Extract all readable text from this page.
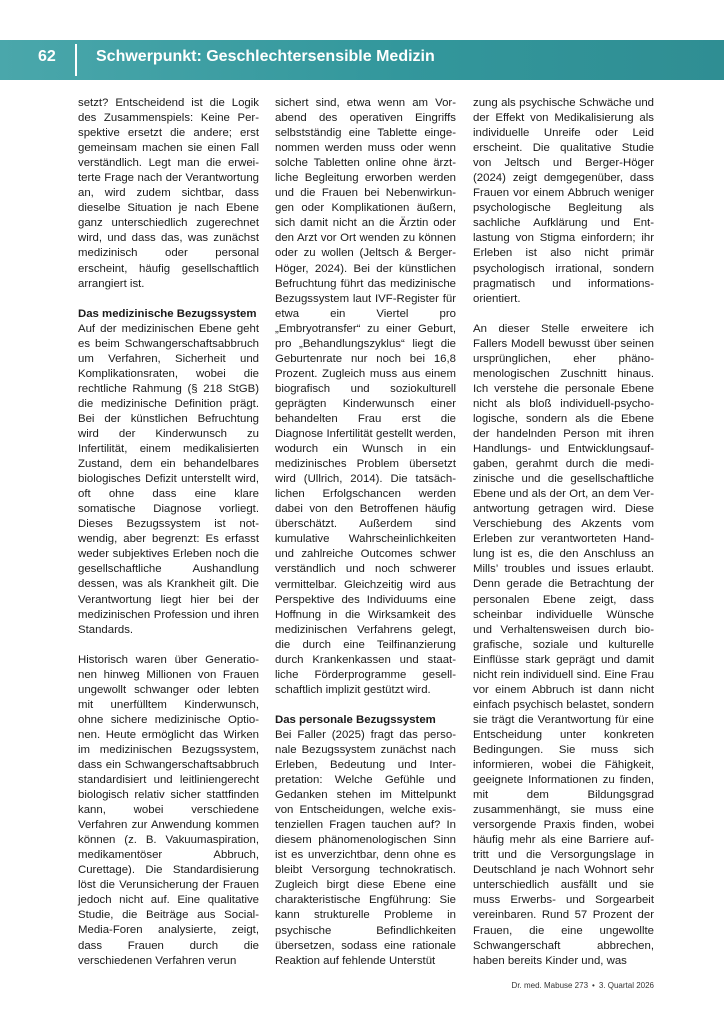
62	Schwerpunkt: Geschlechtersensible Medizin

setzt? Entscheidend ist die Logik des Zusammenspiels: Keine Perspektive ersetzt die andere; erst gemeinsam machen sie einen Fall verständlich. Legt man die erweiterte Frage nach der Verantwortung an, wird zudem sichtbar, dass dieselbe Situation je nach Ebene ganz unterschiedlich zugerechnet wird, und dass das, was zunächst medizinisch oder personal erscheint, häufig gesellschaftlich arrangiert ist.

Das medizinische Bezugssystem

Auf der medizinischen Ebene geht es beim Schwangerschaftsabbruch um Verfahren, Sicherheit und Komplikationsraten, wobei die rechtliche Rahmung (§ 218 StGB) die medizinische Definition prägt. Bei der künstlichen Befruchtung wird der Kinderwunsch zu Infertilität, einem medikalisierten Zustand, dem ein behandelbares biologisches Defizit unterstellt wird, oft ohne dass eine klare somatische Diagnose vorliegt. Dieses Bezugssystem ist notwendig, aber begrenzt: Es erfasst weder subjektives Erleben noch die gesellschaftliche Aushandlung dessen, was als Krankheit gilt. Die Verantwortung liegt hier bei der medizinischen Profession und ihren Standards.

Historisch waren über Generationen hinweg Millionen von Frauen ungewollt schwanger oder lebten mit unerfülltem Kinderwunsch, ohne sichere medizinische Optionen. Heute ermöglicht das Wirken im medizinischen Bezugssystem, dass ein Schwangerschaftsabbruch standardisiert und leitliniengerecht biologisch relativ sicher stattfinden kann, wobei verschiedene Verfahren zur Anwendung kommen können (z. B. Vakuumaspiration, medikamentöser Abbruch, Curettage). Die Standardisierung löst die Verunsicherung der Frauen jedoch nicht auf. Eine qualitative Studie, die Beiträge aus Social-Media-Foren analysierte, zeigt, dass Frauen durch die verschiedenen Verfahren verun

sichert sind, etwa wenn am Vorabend des operativen Eingriffs selbstständig eine Tablette eingenommen werden muss oder wenn solche Tabletten online ohne ärztliche Begleitung erworben werden und die Frauen bei Nebenwirkungen oder Komplikationen äußern, sich damit nicht an die Ärztin oder den Arzt vor Ort wenden zu können oder zu wollen (Jeltsch & Berger-Höger, 2024). Bei der künstlichen Befruchtung führt das medizinische Bezugssystem laut IVF-Register für etwa ein Viertel pro „Embryotransfer“ zu einer Geburt, pro „Behandlungszyklus“ liegt die Geburtenrate nur noch bei 16,8 Prozent. Zugleich muss aus einem biografisch und soziokulturell geprägten Kinderwunsch einer behandelten Frau erst die Diagnose Infertilität gestellt werden, wodurch ein Wunsch in ein medizinisches Problem übersetzt wird (Ullrich, 2014). Die tatsächlichen Erfolgschancen werden dabei von den Betroffenen häufig überschätzt. Außerdem sind kumulative Wahrscheinlichkeiten und zahlreiche Outcomes schwer verständlich und noch schwerer vermittelbar. Gleichzeitig wird aus Perspektive des Individuums eine Hoffnung in die Wirksamkeit des medizinischen Verfahrens gelegt, die durch eine Teilfinanzierung durch Krankenkassen und staatliche Förderprogramme gesellschaftlich implizit gestützt wird.

Das personale Bezugssystem

Bei Faller (2025) fragt das personale Bezugssystem zunächst nach Erleben, Bedeutung und Interpretation: Welche Gefühle und Gedanken stehen im Mittelpunkt von Entscheidungen, welche existenziellen Fragen tauchen auf? In diesem phänomenologischen Sinn ist es unverzichtbar, denn ohne es bleibt Versorgung technokratisch. Zugleich birgt diese Ebene eine charakteristische Engführung: Sie kann strukturelle Probleme in psychische Befindlichkeiten übersetzen, sodass eine rationale Reaktion auf fehlende Unterstüt

zung als psychische Schwäche und der Effekt von Medikalisierung als individuelle Unreife oder Leid erscheint. Die qualitative Studie von Jeltsch und Berger-Höger (2024) zeigt demgegenüber, dass Frauen vor einem Abbruch weniger psychologische Begleitung als sachliche Aufklärung und Entlastung von Stigma einfordern; ihr Erleben ist also nicht primär psychologisch irrational, sondern pragmatisch und informationsorientiert.

An dieser Stelle erweitere ich Fallers Modell bewusst über seinen ursprünglichen, eher phänomenologischen Zuschnitt hinaus. Ich verstehe die personale Ebene nicht als bloß individuell-psychologische, sondern als die Ebene der handelnden Person mit ihren Handlungs- und Entwicklungsaufgaben, gerahmt durch die medizinische und die gesellschaftliche Ebene und als der Ort, an dem Verantwortung getragen wird. Diese Verschiebung des Akzents vom Erleben zur verantworteten Handlung ist es, die den Anschluss an Mills’ troubles und issues erlaubt. Denn gerade die Betrachtung der personalen Ebene zeigt, dass scheinbar individuelle Wünsche und Verhaltensweisen durch biografische, soziale und kulturelle Einflüsse stark geprägt und damit nicht rein individuell sind. Eine Frau vor einem Abbruch ist dann nicht einfach psychisch belastet, sondern sie trägt die Verantwortung für eine Entscheidung unter konkreten Bedingungen. Sie muss sich informieren, wobei die Fähigkeit, geeignete Informationen zu finden, mit dem Bildungsgrad zusammenhängt, sie muss eine versorgende Praxis finden, wobei häufig mehr als eine Barriere auftritt und die Versorgungslage in Deutschland je nach Wohnort sehr unterschiedlich ausfällt und sie muss Erwerbs- und Sorgearbeit vereinbaren. Rund 57 Prozent der Frauen, die eine ungewollte Schwangerschaft abbrechen, haben bereits Kinder und, was

Dr. med. Mabuse 273 • 3. Quartal 2026
